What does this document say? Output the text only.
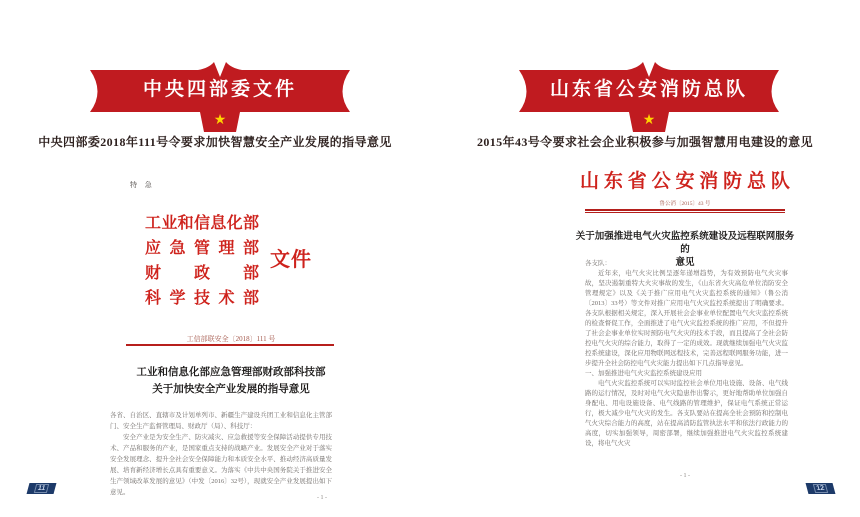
中央四部委文件
★
中央四部委2018年111号令要求加快智慧安全产业发展的指导意见
特 急
工 业 和 信 息 化 部
应 急 管 理 部
财 政 部
科 学 技 术 部
文件
工信部联安全〔2018〕111 号
工业和信息化部应急管理部财政部科技部
关于加快安全产业发展的指导意见

各省、自治区、直辖市及计划单列市、新疆生产建设兵团工业和信息化主管部门、安全生产监督管理局、财政厅（局）、科技厅：

安全产业是为安全生产、防灾减灾、应急救援等安全保障活动提供专用技术、产品和服务的产业，是国家重点支持的战略产业。发展安全产业对于落实安全发展理念、提升全社会安全保障能力和本质安全水平、推动经济高质量发展、培育新经济增长点具有重要意义。为落实《中共中央国务院关于推进安全生产领域改革发展的意见》（中发〔2016〕32号），现就安全产业发展提出如下意见。

- 1 -
11
山东省公安消防总队
★
2015年43号令要求社会企业积极参与加强智慧用电建设的意见
山 东 省 公 安 消 防 总 队
鲁公消〔2015〕43 号
关于加强推进电气火灾监控系统建设及远程联网服务的
意见

各支队：

近年来，电气火灾比例呈逐年递增趋势，为有效预防电气火灾事故，坚决遏制重特大火灾事故的发生，《山东省火灾高危单位消防安全管理规定》以及《关于推广应用电气火灾监控系统的通知》（鲁公消〔2013〕33号）等文件对推广应用电气火灾监控系统提出了明确要求。各支队根据相关规定，深入开展社会企事业单位配置电气火灾监控系统的检查督促工作，全面推进了电气火灾监控系统的推广应用，不但提升了社会企事业单位实时预防电气火灾的技术手段，而且提高了全社会防控电气火灾的综合能力，取得了一定的成效。现就继续加强电气火灾监控系统建设，深化应用物联网远程技术，完善远程联网服务功能，进一步提升全社会防控电气火灾能力提出如下几点指导意见。

一、加强推进电气火灾监控系统建设应用

电气火灾监控系统可以实时监控社会单位用电设施、设备、电气线路的运行情况，及时对电气火灾隐患作出警示，更好地帮助单位加强自身配电、用电设施设备、电气线路的管理维护，保证电气系统正常运行，极大减少电气火灾的发生。各支队要站在提高全社会预防和控制电气火灾综合能力的高度，站在提高消防监管执法水平和依法行政能力的高度，切实加强领导，周密部署，继续加强推进电气火灾监控系统建设，将电气火灾

- 1 -
12
